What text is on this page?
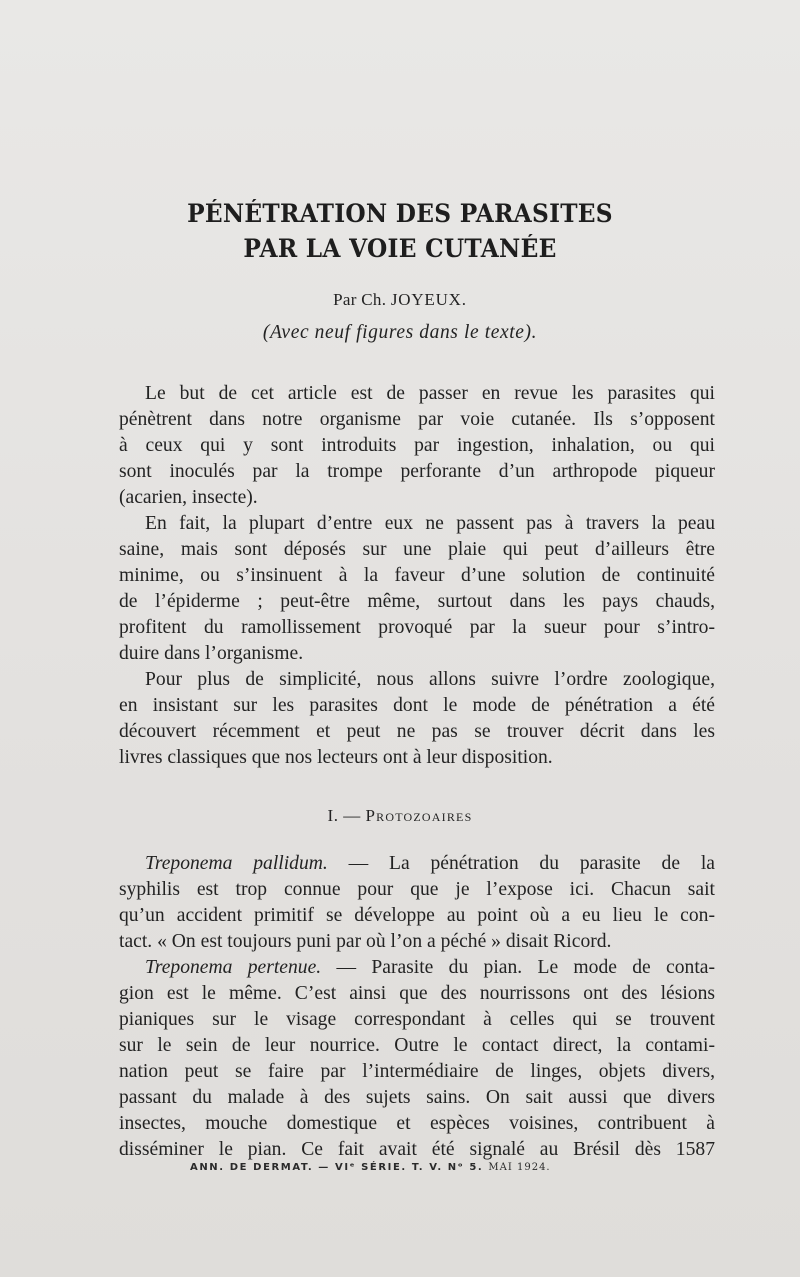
PÉNÉTRATION DES PARASITES
PAR LA VOIE CUTANÉE
Par Ch. JOYEUX.
(Avec neuf figures dans le texte).
Le but de cet article est de passer en revue les parasites qui
pénètrent dans notre organisme par voie cutanée. Ils s’opposent
à ceux qui y sont introduits par ingestion, inhalation, ou qui
sont inoculés par la trompe perforante d’un arthropode piqueur
(acarien, insecte).
En fait, la plupart d’entre eux ne passent pas à travers la peau
saine, mais sont déposés sur une plaie qui peut d’ailleurs être
minime, ou s’insinuent à la faveur d’une solution de continuité
de l’épiderme ; peut-être même, surtout dans les pays chauds,
profitent du ramollissement provoqué par la sueur pour s’intro-
duire dans l’organisme.
Pour plus de simplicité, nous allons suivre l’ordre zoologique,
en insistant sur les parasites dont le mode de pénétration a été
découvert récemment et peut ne pas se trouver décrit dans les
livres classiques que nos lecteurs ont à leur disposition.
I. — Protozoaires
Treponema pallidum. — La pénétration du parasite de la
syphilis est trop connue pour que je l’expose ici. Chacun sait
qu’un accident primitif se développe au point où a eu lieu le con-
tact. « On est toujours puni par où l’on a péché » disait Ricord.
Treponema pertenue. — Parasite du pian. Le mode de conta-
gion est le même. C’est ainsi que des nourrissons ont des lésions
pianiques sur le visage correspondant à celles qui se trouvent
sur le sein de leur nourrice. Outre le contact direct, la contami-
nation peut se faire par l’intermédiaire de linges, objets divers,
passant du malade à des sujets sains. On sait aussi que divers
insectes, mouche domestique et espèces voisines, contribuent à
disséminer le pian. Ce fait avait été signalé au Brésil dès 1587
ANN. DE DERMAT. — VIᵉ SÉRIE. T. V. Nᵒ 5. MAI 1924.
